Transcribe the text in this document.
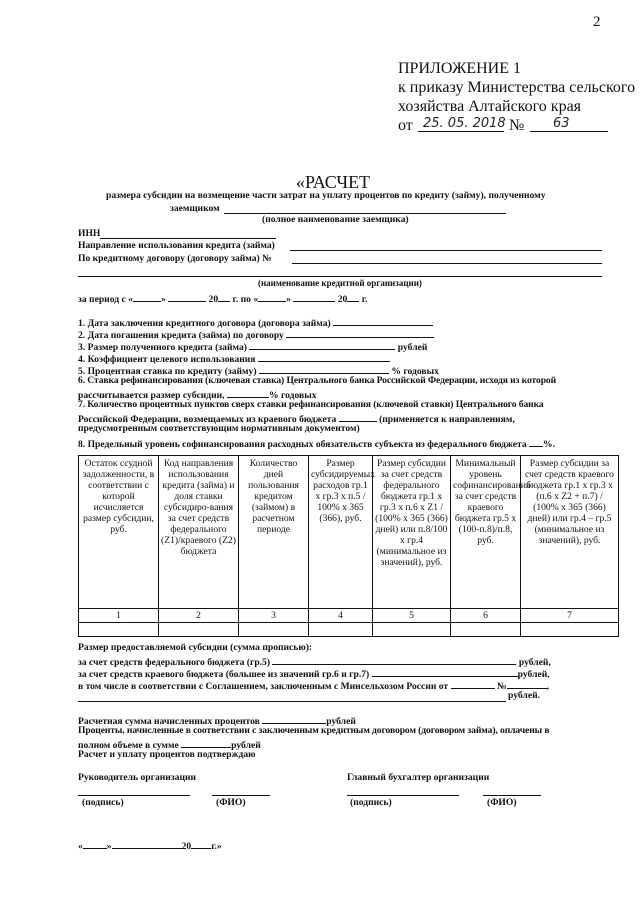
2
ПРИЛОЖЕНИЕ 1
к приказу Министерства сельского
хозяйства Алтайского края
от 25. 05. 2018 № 63
«РАСЧЕТ
размера субсидии на возмещение части затрат на уплату процентов по кредиту (займу), полученному
заемщиком
(полное наименование заемщика)
ИНН
Направление использования кредита (займа)
По кредитному договору (договору займа) №
(наименование кредитной организации)
за период с «	»	20 г. по «	»	20 г.
1. Дата заключения кредитного договора (договора займа)
2. Дата погашения кредита (займа) по договору
3. Размер полученного кредита (займа)	рублей
4. Коэффициент целевого использования
5. Процентная ставка по кредиту (займу)	% годовых
6. Ставка рефинансирования (ключевая ставка) Центрального банка Российской Федерации, исходя из которой
рассчитывается размер субсидии,	% годовых
7. Количество процентных пунктов сверх ставки рефинансирования (ключевой ставки) Центрального банка
Российской Федерации, возмещаемых из краевого бюджета	(применяется к направлениям,
предусмотренным соответствующим нормативным документом)
8. Предельный уровень софинансирования расходных обязательств субъекта из федерального бюджета %.
Остаток ссудной задолженности, в соответствии с которой исчисляется размер субсидии, руб.	Код направления использования кредита (займа) и доля ставки субсидиро-вания за счет средств федерального (Z1)/краевого (Z2) бюджета	Количество дней пользования кредитом (займом) в расчетном периоде	Размер субсидируемых расходов гр.1 x гр.3 x п.5 / 100% x 365 (366), руб.	Размер субсидии за счет средств федерального бюджета гр.1 x гр.3 x п.6 x Z1 / (100% x 365 (366) дней) или п.8/100 x гр.4 (минимальное из значений), руб.	Минимальный уровень софинансирования за счет средств краевого бюджета гр.5 x (100-п.8)/п.8, руб.	Размер субсидии за счет средств краевого бюджета гр.1 x гр.3 x (п.6 x Z2 + п.7) / (100% x 365 (366) дней) или гр.4 – гр.5 (минимальное из значений), руб.
1	2	3	4	5	6	7

Размер предоставляемой субсидии (сумма прописью):
за счет средств федерального бюджета (гр.5)	рублей,
за счет средств краевого бюджета (большее из значений гр.6 и гр.7)	рублей,
в том числе в соответствии с Соглашением, заключенным с Минсельхозом России от	№	,
рублей.
Расчетная сумма начисленных процентов	рублей
Проценты, начисленные в соответствии с заключенным кредитным договором (договором займа), оплачены в
полном объеме в сумме	рублей
Расчет и уплату процентов подтверждаю
Руководитель организации	Главный бухгалтер организации
(подпись)	(ФИО)	(подпись)	(ФИО)
«	»	20 г.»
